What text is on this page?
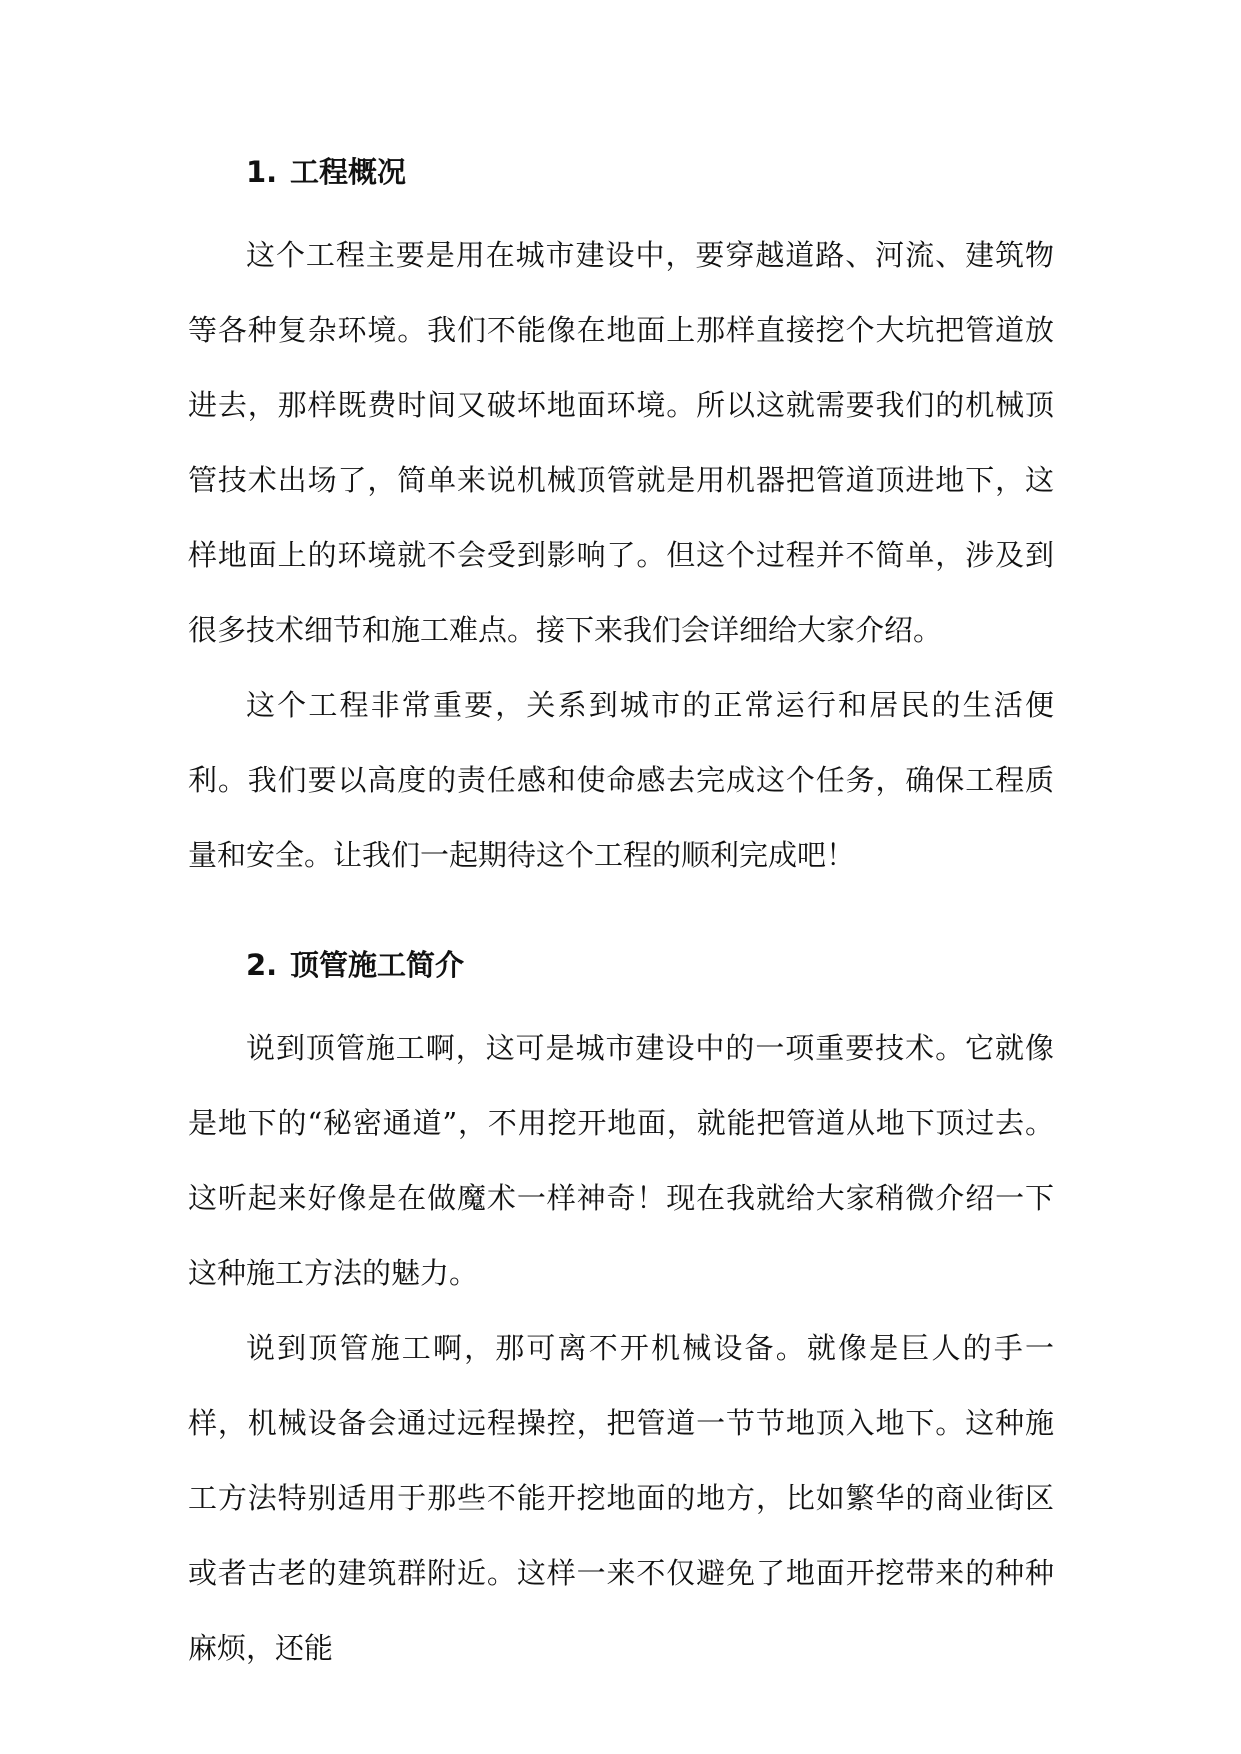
1. 工程概况

这个工程主要是用在城市建设中，要穿越道路、河流、建筑物等各种复杂环境。我们不能像在地面上那样直接挖个大坑把管道放进去，那样既费时间又破坏地面环境。所以这就需要我们的机械顶管技术出场了，简单来说机械顶管就是用机器把管道顶进地下，这样地面上的环境就不会受到影响了。但这个过程并不简单，涉及到很多技术细节和施工难点。接下来我们会详细给大家介绍。

这个工程非常重要，关系到城市的正常运行和居民的生活便利。我们要以高度的责任感和使命感去完成这个任务，确保工程质量和安全。让我们一起期待这个工程的顺利完成吧！

2. 顶管施工简介

说到顶管施工啊，这可是城市建设中的一项重要技术。它就像是地下的“秘密通道”，不用挖开地面，就能把管道从地下顶过去。这听起来好像是在做魔术一样神奇！现在我就给大家稍微介绍一下这种施工方法的魅力。

说到顶管施工啊，那可离不开机械设备。就像是巨人的手一样，机械设备会通过远程操控，把管道一节节地顶入地下。这种施工方法特别适用于那些不能开挖地面的地方，比如繁华的商业街区或者古老的建筑群附近。这样一来不仅避免了地面开挖带来的种种麻烦，还能
